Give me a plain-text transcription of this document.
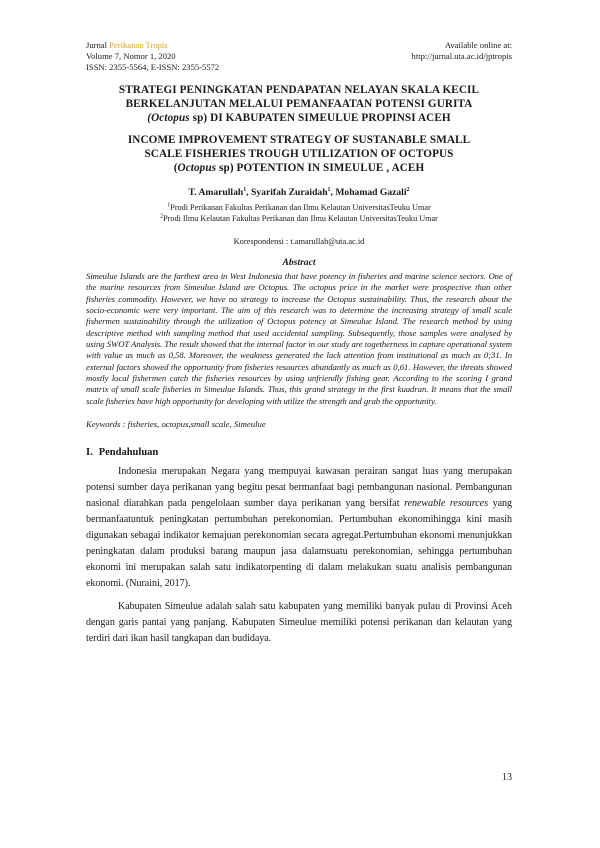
Jurnal Perikanan Tropis
Volume 7, Nomor 1, 2020
ISSN: 2355-5564, E-ISSN: 2355-5572
Available online at:
http://jurnal.uta.ac.id/jptropis

STRATEGI PENINGKATAN PENDAPATAN NELAYAN SKALA KECIL

BERKELANJUTAN MELALUI PEMANFAATAN POTENSI GURITA

(Octopus sp) DI KABUPATEN SIMEULUE PROPINSI ACEH

INCOME IMPROVEMENT STRATEGY OF SUSTANABLE SMALL

SCALE FISHERIES TROUGH UTILIZATION OF OCTOPUS

(Octopus sp) POTENTION IN SIMEULUE , ACEH

T. Amarullah$^1$, Syarifah Zuraidah$^1$, Mohamad Gazali$^2$

$^1$Prodi Perikanan Fakultas Perikanan dan Ilmu Kelautan UniversitasTeuku Umar

$^2$Prodi Ilmu Kelautan Fakultas Perikanan dan Ilmu Kelautan UniversitasTeuku Umar

Korespondensi : t.amarullah@uta.ac.id
Abstract

Simeulue Islands are the farthest area in West Indonesia that have potency in fisheries and marine science sectors. One of the marine resources from Simeulue Island are Octopus. The octopus price in the market were prospective than other fisheries commodity. However, we have no strategy to increase the Octopus sustainability. Thus, the research about the socio-economic were very important. The aim of this research was to determine the increasing strategy of small scale fishermen sustainability through the utilization of Octopus potency at Simeulue Island. The research method by using descriptive method with sampling method that used accidental sampling. Subsequently, those samples were analysed by using SWOT Analysis. The result showed that the internal factor in our study are togetherness in capture operational system with value as much as 0,58. Moreover, the weakness generated the lack attention from institutional as much as 0;31. In external factors showed the opportunity from fisheries resources abundantly as much as 0,61. However, the threats showed mostly local fishermen catch the fisheries resources by using unfriendly fishing gear. According to the scoring I grand matrix of small scale fisheries in Simeulue Islands. Thus, this grand strategy in the first kuadran. It means that the small scale fisheries have high opportunity for developing with utilize the strength and grab the opportunity.

Keywords : fisheries, octopus,small scale, Simeulue
I. Pendahuluan

Indonesia merupakan Negara yang mempuyai kawasan perairan sangat luas yang merupakan potensi sumber daya perikanan yang begitu pesat bermanfaat bagi pembangunan nasional. Pembangunan nasional diarahkan pada pengelolaan sumber daya perikanan yang bersifat renewable resources yang bermanfaatuntuk peningkatan pertumbuhan perekonomian. Pertumbuhan ekonomihingga kini masih digunakan sebagai indikator kemajuan perekonomian secara agregat.Pertumbuhan ekonomi menunjukkan peningkatan dalam produksi barang maupun jasa dalamsuatu perekonomian, sehingga pertumbuhan ekonomi ini merupakan salah satu indikatorpenting di dalam melakukan suatu analisis pembangunan ekonomi. (Nuraini, 2017).

Kabupaten Simeulue adalah salah satu kabupaten yang memiliki banyak pulau di Provinsi Aceh dengan garis pantai yang panjang. Kabupaten Simeulue memiliki potensi perikanan dan kelautan yang terdiri dari ikan hasil tangkapan dan budidaya.

13
